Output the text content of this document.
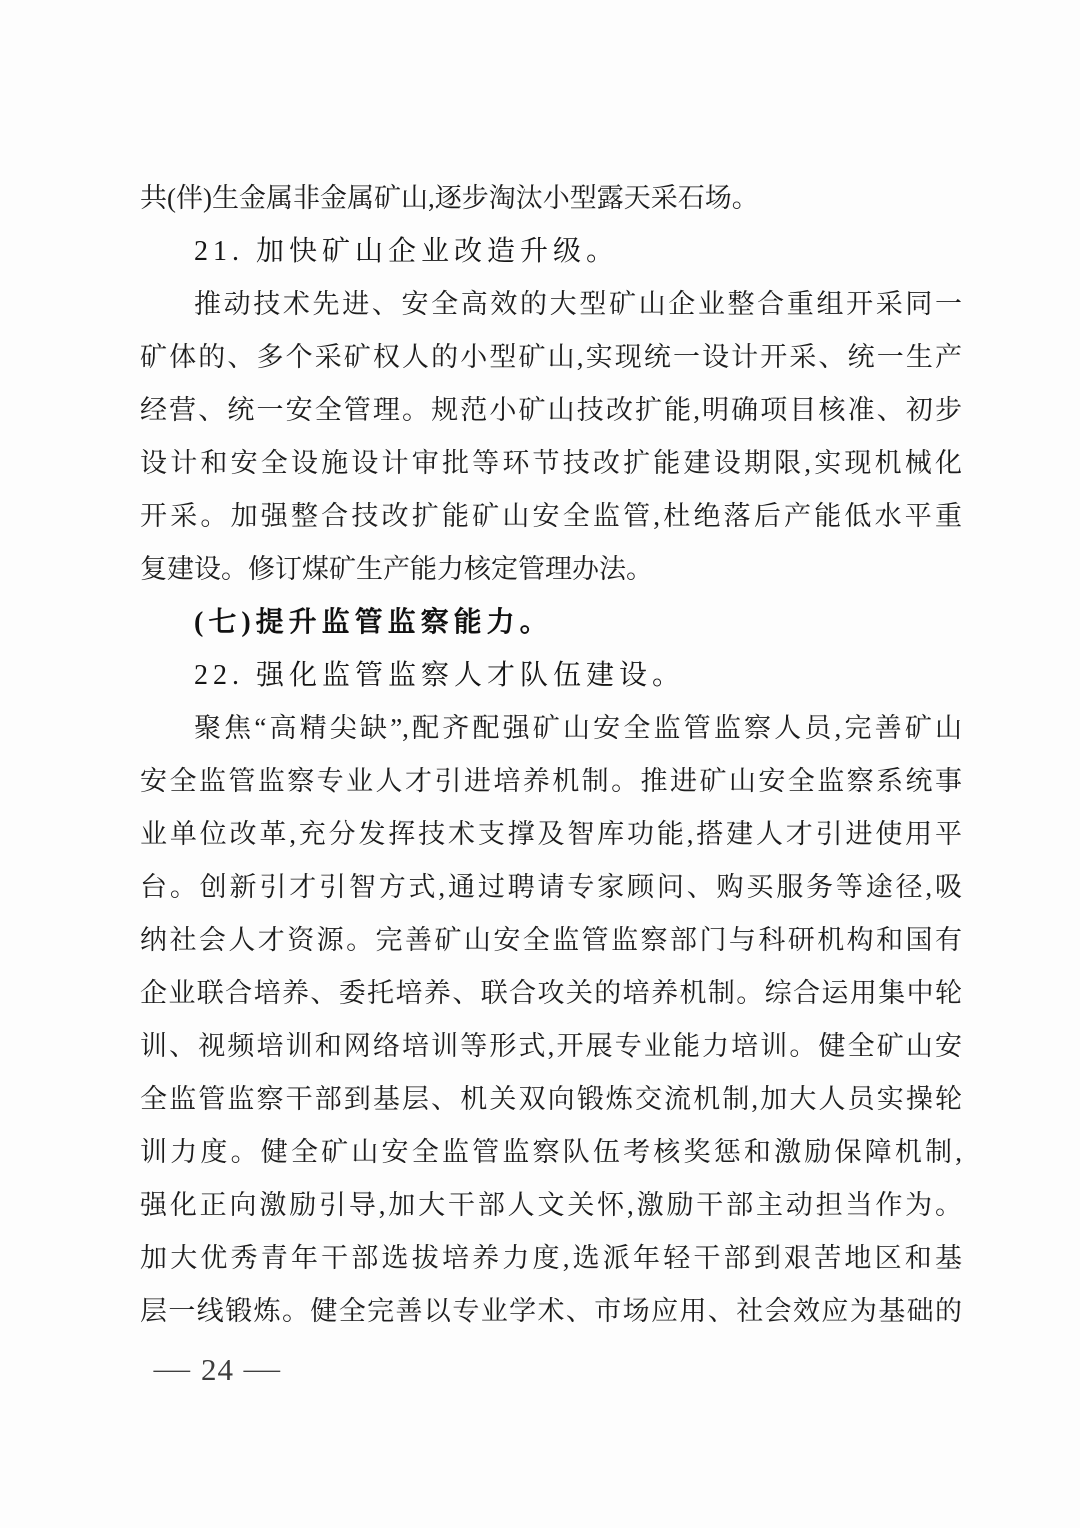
共(伴)生金属非金属矿山,逐步淘汰小型露天采石场。
21. 加快矿山企业改造升级。
推动技术先进、安全高效的大型矿山企业整合重组开采同一
矿体的、多个采矿权人的小型矿山,实现统一设计开采、统一生产
经营、统一安全管理。规范小矿山技改扩能,明确项目核准、初步
设计和安全设施设计审批等环节技改扩能建设期限,实现机械化
开采。加强整合技改扩能矿山安全监管,杜绝落后产能低水平重
复建设。修订煤矿生产能力核定管理办法。
(七)提升监管监察能力。
22. 强化监管监察人才队伍建设。
聚焦“高精尖缺”,配齐配强矿山安全监管监察人员,完善矿山
安全监管监察专业人才引进培养机制。推进矿山安全监察系统事
业单位改革,充分发挥技术支撑及智库功能,搭建人才引进使用平
台。创新引才引智方式,通过聘请专家顾问、购买服务等途径,吸
纳社会人才资源。完善矿山安全监管监察部门与科研机构和国有
企业联合培养、委托培养、联合攻关的培养机制。综合运用集中轮
训、视频培训和网络培训等形式,开展专业能力培训。健全矿山安
全监管监察干部到基层、机关双向锻炼交流机制,加大人员实操轮
训力度。健全矿山安全监管监察队伍考核奖惩和激励保障机制,
强化正向激励引导,加大干部人文关怀,激励干部主动担当作为。
加大优秀青年干部选拔培养力度,选派年轻干部到艰苦地区和基
层一线锻炼。健全完善以专业学术、市场应用、社会效应为基础的
— 24 —
